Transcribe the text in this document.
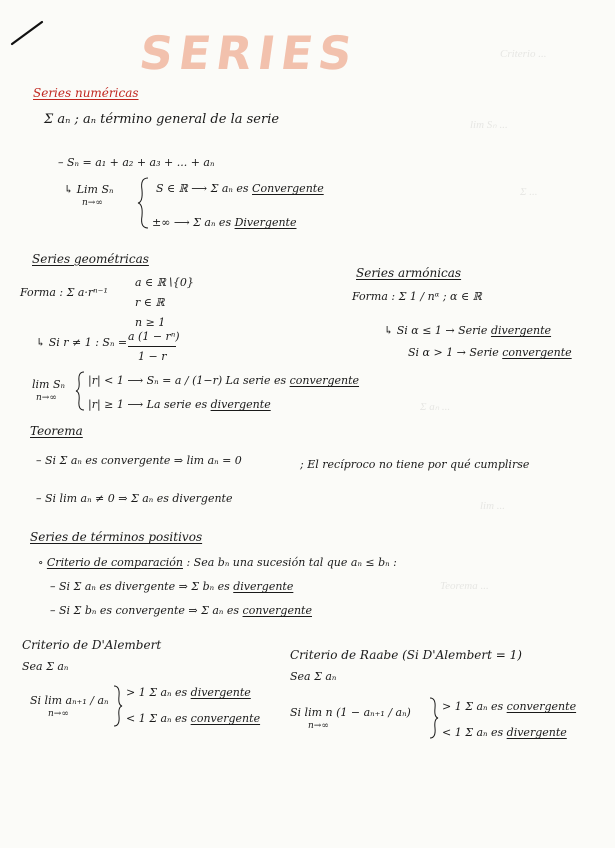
Criterio ...
lim Sₙ ...
Σ ...
Σ aₙ ...
lim ...
Teorema ...
SERIES
Series numéricas
Σ aₙ ; aₙ término general de la serie
– Sₙ = a₁ + a₂ + a₃ + ... + aₙ
↳ Lim Sₙ
n→∞
S ∈ ℝ ⟶ Σ aₙ es Convergente
±∞ ⟶ Σ aₙ es Divergente
Series geométricas
Forma : Σ a·rⁿ⁻¹
a ∈ ℝ∖{0}
r ∈ ℝ
n ≥ 1
↳ Si r ≠ 1 : Sₙ = a (1 − rⁿ)
1 − r
lim Sₙ
n→∞
|r| < 1 ⟶ Sₙ = a / (1−r) La serie es convergente
|r| ≥ 1 ⟶ La serie es divergente
Series armónicas
Forma : Σ 1 / nᵅ ; α ∈ ℝ
↳ Si α ≤ 1 → Serie divergente
Si α > 1 → Serie convergente
Teorema
– Si Σ aₙ es convergente ⇒ lim aₙ = 0	; El recíproco no tiene por qué cumplirse
– Si lim aₙ ≠ 0 ⇒ Σ aₙ es divergente
Series de términos positivos
∘ Criterio de comparación : Sea bₙ una sucesión tal que aₙ ≤ bₙ :
– Si Σ aₙ es divergente ⇒ Σ bₙ es divergente
– Si Σ bₙ es convergente ⇒ Σ aₙ es convergente
Criterio de D'Alembert
Sea Σ aₙ
Si lim aₙ₊₁ / aₙ
n→∞
> 1 Σ aₙ es divergente
< 1 Σ aₙ es convergente
Criterio de Raabe (Si D'Alembert = 1)
Sea Σ aₙ
Si lim n (1 − aₙ₊₁ / aₙ)
n→∞
> 1 Σ aₙ es convergente
< 1 Σ aₙ es divergente
